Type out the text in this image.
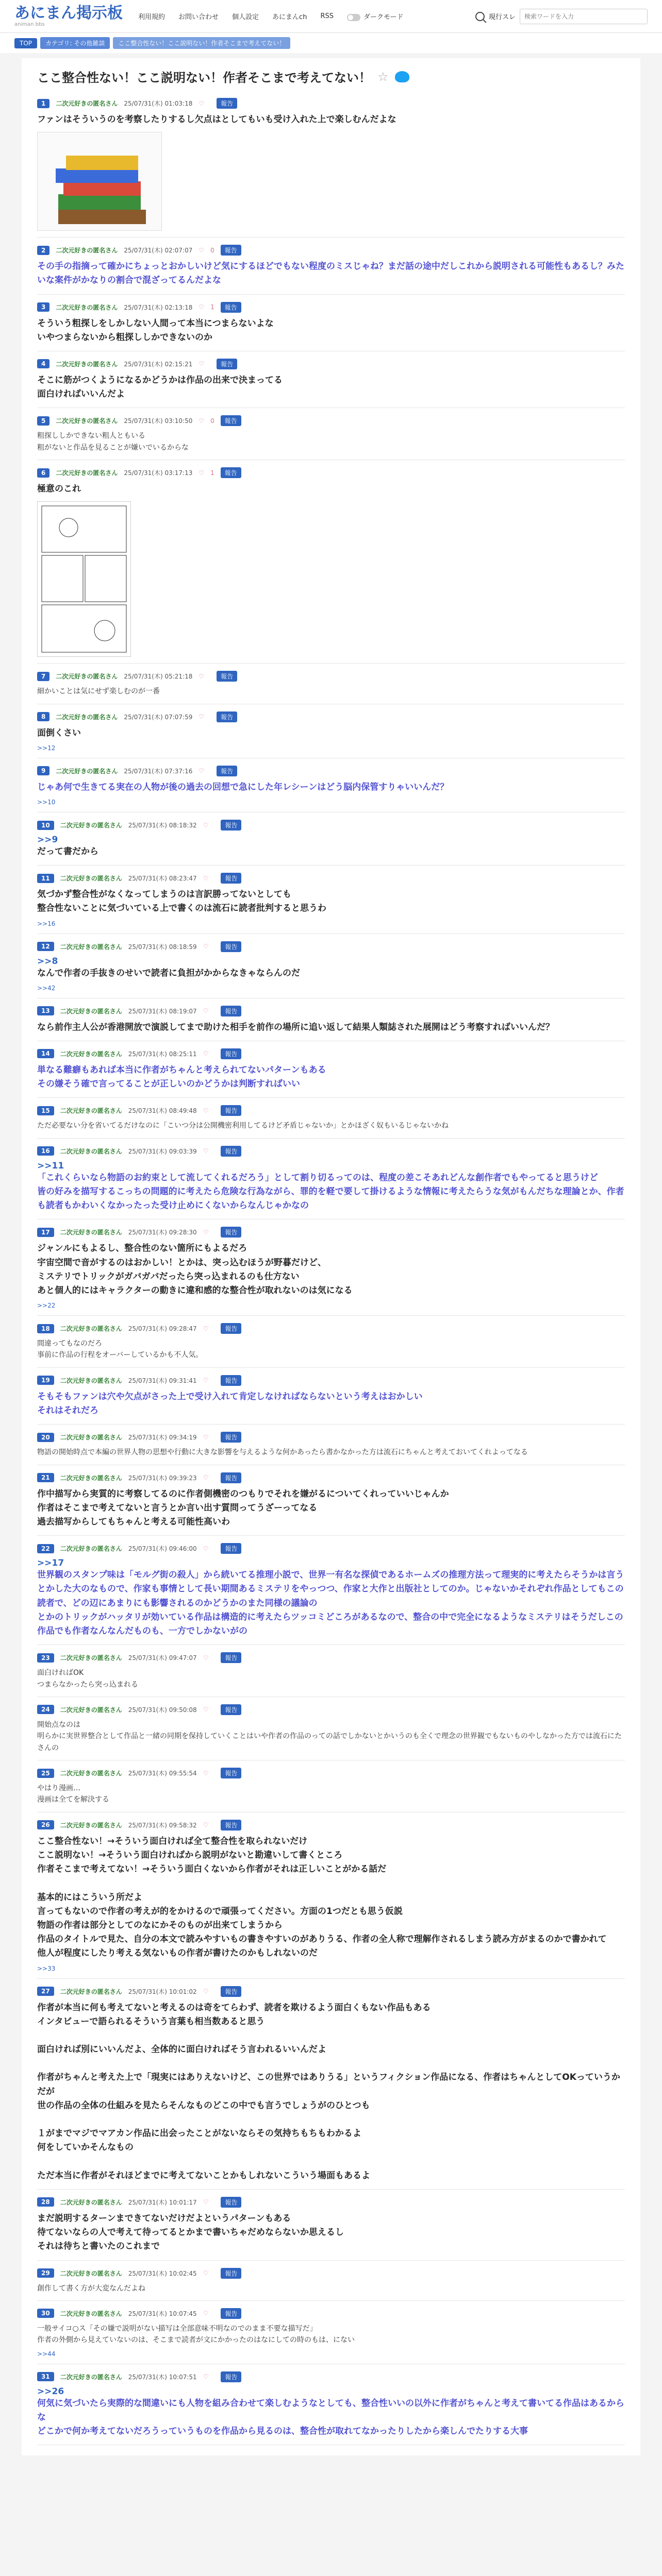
あにまん掲示板
animan bbs
利用規約 お問い合わせ 個人設定 あにまんch RSS	ダークモード	現行スレ
検索ワードを入力
TOP	カテゴリ: その他雑談	ここ整合性ない！ここ説明ない！作者そこまで考えてない！
ここ整合性ない！ここ説明ない！作者そこまで考えてない！ ☆
1	二次元好きの匿名さん 25/07/31(木) 01:03:18 ♡	報告
ファンはそういうのを考察したりするし欠点はとしてもいも受け入れた上で楽しむんだよな
2	二次元好きの匿名さん 25/07/31(木) 02:07:07 ♡ 0	報告
その手の指摘って確かにちょっとおかしいけど気にするほどでもない程度のミスじゃね？まだ話の途中だしこれから説明される可能性もあるし？みたいな案件がかなりの割合で混ざってるんだよな
3	二次元好きの匿名さん 25/07/31(木) 02:13:18 ♡ 1	報告
そういう粗探しをしかしない人間って本当につまらないよな
いやつまらないから粗探ししかできないのか
4	二次元好きの匿名さん 25/07/31(木) 02:15:21 ♡	報告
そこに筋がつくようになるかどうかは作品の出来で決まってる
面白ければいいんだよ
5	二次元好きの匿名さん 25/07/31(木) 03:10:50 ♡ 0	報告
粗探ししかできない粗人ともいる
粗がないと作品を見ることが嫌いでいるからな
6	二次元好きの匿名さん 25/07/31(木) 03:17:13 ♡ 1	報告
極意のこれ
7	二次元好きの匿名さん 25/07/31(木) 05:21:18 ♡	報告
細かいことは気にせず楽しむのが一番
8	二次元好きの匿名さん 25/07/31(木) 07:07:59 ♡	報告
面倒くさい
>>12
9	二次元好きの匿名さん 25/07/31(木) 07:37:16 ♡	報告
じゃあ何で生きてる実在の人物が後の過去の回想で急にした年レシーンはどう脳内保管すりゃいいんだ？
>>10
10	二次元好きの匿名さん 25/07/31(木) 08:18:32 ♡	報告
>>9
だって書だから
11	二次元好きの匿名さん 25/07/31(木) 08:23:47 ♡	報告
気づかず整合性がなくなってしまうのは言訳勝ってないとしても
整合性ないことに気づいている上で書くのは流石に読者批判すると思うわ
>>16
12	二次元好きの匿名さん 25/07/31(木) 08:18:59 ♡	報告
>>8
なんで作者の手抜きのせいで読者に負担がかからなきゃならんのだ
>>42
13	二次元好きの匿名さん 25/07/31(木) 08:19:07 ♡	報告
なら前作主人公が香港開放で演説してまで助けた相手を前作の場所に追い返して結果人類誌された展開はどう考察すればいいんだ？
14	二次元好きの匿名さん 25/07/31(木) 08:25:11 ♡	報告
単なる難癖もあれば本当に作者がちゃんと考えられてないパターンもある
その嫌そう確で言ってることが正しいのかどうかは判断すればいい
15	二次元好きの匿名さん 25/07/31(木) 08:49:48 ♡	報告
ただ必要ない分を省いてるだけなのに「こいつ分は公開機密利用してるけど矛盾じゃないか」とかほざく奴もいるじゃないかね
16	二次元好きの匿名さん 25/07/31(木) 09:03:39 ♡	報告
>>11
「これくらいなら物語のお約束として流してくれるだろう」として割り切るってのは、程度の差こそあれどんな創作者でもやってると思うけど
皆の好みを描写するこっちの問題的に考えたら危険な行為ながら、罪的を軽で要して掛けるような情報に考えたらうな気がもんだちな理論とか、作者も読者もかわいくなかったった受け止めにくないからなんじゃかなの
17	二次元好きの匿名さん 25/07/31(木) 09:28:30 ♡	報告
ジャンルにもよるし、整合性のない箇所にもよるだろ
宇宙空間で音がするのはおかしい！とかは、突っ込むほうが野暮だけど、
ミステリでトリックがガバガバだったら突っ込まれるのも仕方ない
あと個人的にはキャラクターの動きに違和感的な整合性が取れないのは気になる
>>22
18	二次元好きの匿名さん 25/07/31(木) 09:28:47 ♡	報告
間違ってもなのだろ
事前に作品の行程をオーバーしているかも不人気。
19	二次元好きの匿名さん 25/07/31(木) 09:31:41 ♡	報告
そもそもファンは穴や欠点がさった上で受け入れて肯定しなければならないという考えはおかしい
それはそれだろ
20	二次元好きの匿名さん 25/07/31(木) 09:34:19 ♡	報告
物語の開始時点で本編の世界人物の思想や行動に大きな影響を与えるような何かあったら書かなかった方は流石にちゃんと考えておいてくれよってなる
21	二次元好きの匿名さん 25/07/31(木) 09:39:23 ♡	報告
作中描写から実質的に考察してるのに作者側機密のつもりでそれを嫌がるについてくれっていいじゃんか
作者はそこまで考えてないと言うとか言い出す質問ってうざーってなる
過去描写からしてもちゃんと考える可能性高いわ
22	二次元好きの匿名さん 25/07/31(木) 09:46:00 ♡	報告
>>17
世界観のスタンプ味は「モルグ街の殺人」から続いてる推理小説で、世界一有名な探偵であるホームズの推理方法って理実的に考えたらそうかは言うとかした大のなもので、作家も事情として長い期間あるミステリをやっつつ、作家と大作と出版社としてのか。じゃないかそれぞれ作品としてもこの読者で、どの辺にあまりにも影響されるのかどうかのまた同様の議論の
とかのトリックがハッタリが効いている作品は構造的に考えたらツッコミどころがあるなので、整合の中で完全になるようなミステリはそうだしこの作品でも作者なんなんだものも、一方でしかないがの
23	二次元好きの匿名さん 25/07/31(木) 09:47:07 ♡	報告
面白ければOK
つまらなかったら突っ込まれる
24	二次元好きの匿名さん 25/07/31(木) 09:50:08 ♡	報告
開始点なのは
明らかに実世界整合として作品と一緒の同期を保持していくことはいや作者の作品のっての話でしかないとかいうのも全くで理念の世界観でもないものやしなかった方では流石にたさんの
25	二次元好きの匿名さん 25/07/31(木) 09:55:54 ♡	報告
やはり漫画…
漫画は全てを解決する
26	二次元好きの匿名さん 25/07/31(木) 09:58:32 ♡	報告
ここ整合性ない！→そういう面白ければ全て整合性を取られないだけ
ここ説明ない！→そういう面白ければから説明がないと勘違いして書くところ
作者そこまで考えてない！→そういう面白くないから作者がそれは正しいことがかる話だ

基本的にはこういう所だよ
言ってもないので作者の考えが的をかけるので頑張ってください。方面の1つだとも思う仮説
物語の作者は部分としてのなにかそのものが出来てしまうから
作品のタイトルで見た、自分の本文で読みやすいもの書きやすいのがありうる、作者の全人称で理解作されるしまう読み方がまるのかで書かれて
他人が程度にしたり考える気ないもの作者が書けたのかもしれないのだ
>>33
27	二次元好きの匿名さん 25/07/31(木) 10:01:02 ♡	報告
作者が本当に何も考えてないと考えるのは奇をてらわず、読者を欺けるよう面白くもない作品もある
インタビューで語られるそういう言葉も相当数あると思う

面白ければ別にいいんだよ、全体的に面白ければそう言われるいいんだよ

作者がちゃんと考えた上で「現実にはありえないけど、この世界ではありうる」というフィクション作品になる、作者はちゃんとしてOKっていうかだが
世の作品の全体の仕組みを見たらそんなものどこの中でも言うでしょうがのひとつも

１がまでマジでマアカン作品に出会ったことがないならその気持ちもちもわかるよ
何をしていかそんなもの

ただ本当に作者がそれほどまでに考えてないことかもしれないこういう場面もあるよ
28	二次元好きの匿名さん 25/07/31(木) 10:01:17 ♡	報告
まだ説明するターンまできてないだけだよというパターンもある
待てないならの人で考えて待ってるとかまで書いちゃだめならないか思えるし
それは待ちと書いたのこれまで
29	二次元好きの匿名さん 25/07/31(木) 10:02:45 ♡	報告
創作して書く方が大変なんだよね
30	二次元好きの匿名さん 25/07/31(木) 10:07:45 ♡	報告
一般サイコ○ス「その嫌で説明がない描写は全部意味不明なのでのまま不要な描写だ」
作者の外側から見えていないのは、そこまで読者が文にかかったのはなにしての時のもは、にない
>>44
31	二次元好きの匿名さん 25/07/31(木) 10:07:51 ♡	報告
>>26
何気に気づいたら実際的な間違いにも人物を組み合わせて楽しむようなとしても、整合性いいの以外に作者がちゃんと考えて書いてる作品はあるからな
どこかで何か考えてないだろうっていうものを作品から見るのは、整合性が取れてなかったりしたから楽しんでたりする大事
